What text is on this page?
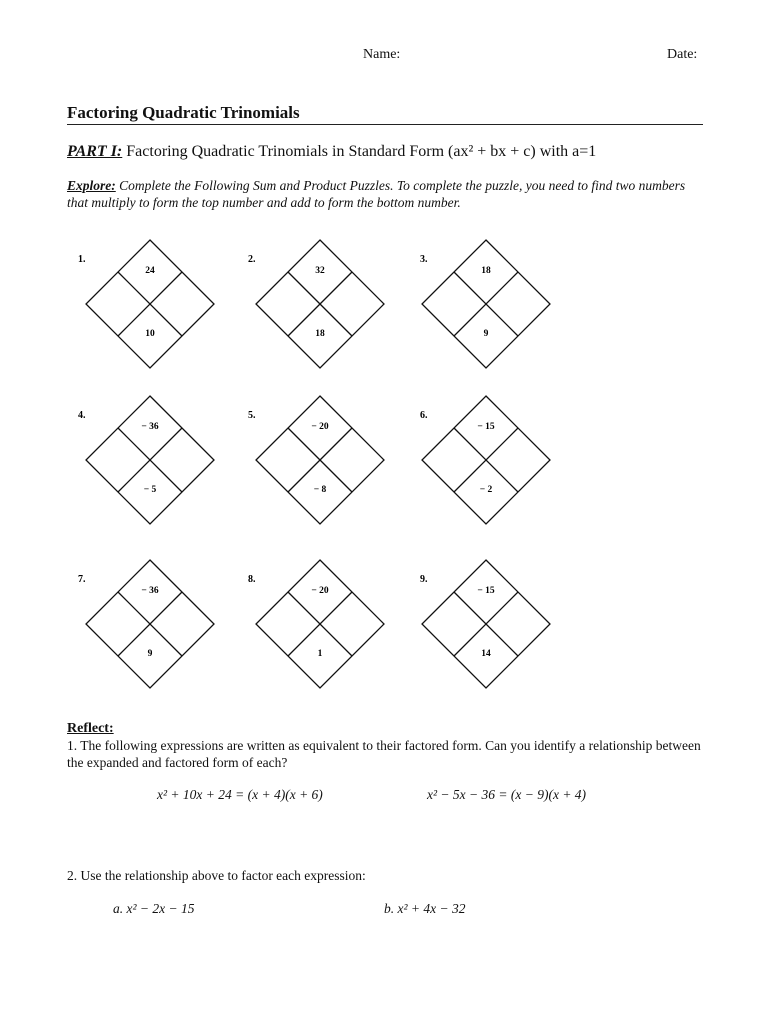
Name:	Date:
Factoring Quadratic Trinomials
PART I: Factoring Quadratic Trinomials in Standard Form (ax² + bx + c) with a=1
Explore: Complete the Following Sum and Product Puzzles. To complete the puzzle, you need to find two numbers that multiply to form the top number and add to form the bottom number.
1.
24
10
2.
32
18
3.
18
9
4.
− 36
− 5
5.
− 20
− 8
6.
− 15
− 2
7.
− 36
9
8.
− 20
1
9.
− 15
14
Reflect:
1. The following expressions are written as equivalent to their factored form. Can you identify a relationship between the expanded and factored form of each?
x² + 10x + 24 = (x + 4)(x + 6)	x² − 5x − 36 = (x − 9)(x + 4)
2. Use the relationship above to factor each expression:
a. x² − 2x − 15	b. x² + 4x − 32
